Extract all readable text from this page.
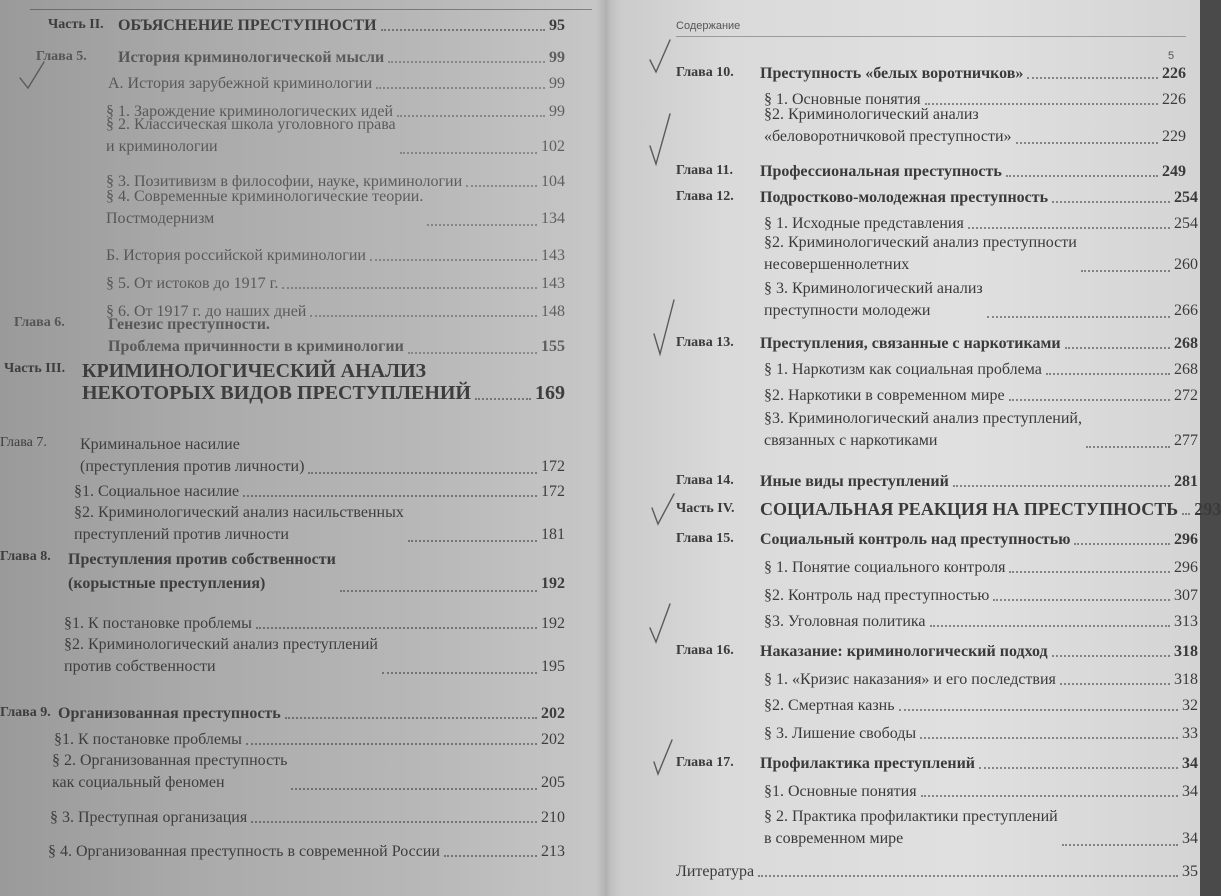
Часть II. ОБЪЯСНЕНИЕ ПРЕСТУПНОСТИ	95
Глава 5. История криминологической мысли	99
А. История зарубежной криминологии	99
§ 1. Зарождение криминологических идей	99
§ 2. Классическая школа уголовного права
и криминологии	102
§ 3. Позитивизм в философии, науке, криминологии	104
§ 4. Современные криминологические теории.
Постмодернизм	134
Б. История российской криминологии	143
§ 5. От истоков до 1917 г.	143
§ 6. От 1917 г. до наших дней	148
Глава 6.	Генезис преступности.
Проблема причинности в криминологии	155
Часть III. КРИМИНОЛОГИЧЕСКИЙ АНАЛИЗ
НЕКОТОРЫХ ВИДОВ ПРЕСТУПЛЕНИЙ	169
Глава 7. Криминальное насилие
(преступления против личности)	172
§1. Социальное насилие	172
§2. Криминологический анализ насильственных
преступлений против личности	181
Глава 8. Преступления против собственности
(корыстные преступления)	192
§1. К постановке проблемы	192
§2. Криминологический анализ преступлений
против собственности	195
Глава 9. Организованная преступность	202
§1. К постановке проблемы	202
§ 2. Организованная преступность
как социальный феномен	205
§ 3. Преступная организация	210
§ 4. Организованная преступность в современной России	213
Содержание
5
Глава 10. Преступность «белых воротничков»	226
§ 1. Основные понятия	226
§2. Криминологический анализ
«беловоротничковой преступности»	229
Глава 11. Профессиональная преступность	249
Глава 12. Подростково-молодежная преступность	254
§ 1. Исходные представления	254
§2. Криминологический анализ преступности
несовершеннолетних	260
§ 3. Криминологический анализ
преступности молодежи	266
Глава 13. Преступления, связанные с наркотиками	268
§ 1. Наркотизм как социальная проблема	268
§2. Наркотики в современном мире	272
§3. Криминологический анализ преступлений,
связанных с наркотиками	277
Глава 14. Иные виды преступлений	281
Часть IV. СОЦИАЛЬНАЯ РЕАКЦИЯ НА ПРЕСТУПНОСТЬ 293
Глава 15. Социальный контроль над преступностью	296
§ 1. Понятие социального контроля	296
§2. Контроль над преступностью	307
§3. Уголовная политика	313
Глава 16. Наказание: криминологический подход	318
§ 1. «Кризис наказания» и его последствия	318
§2. Смертная казнь	32
§ 3. Лишение свободы	33
Глава 17. Профилактика преступлений	34
§1. Основные понятия	34
§ 2. Практика профилактики преступлений
в современном мире	34
Литература	35
